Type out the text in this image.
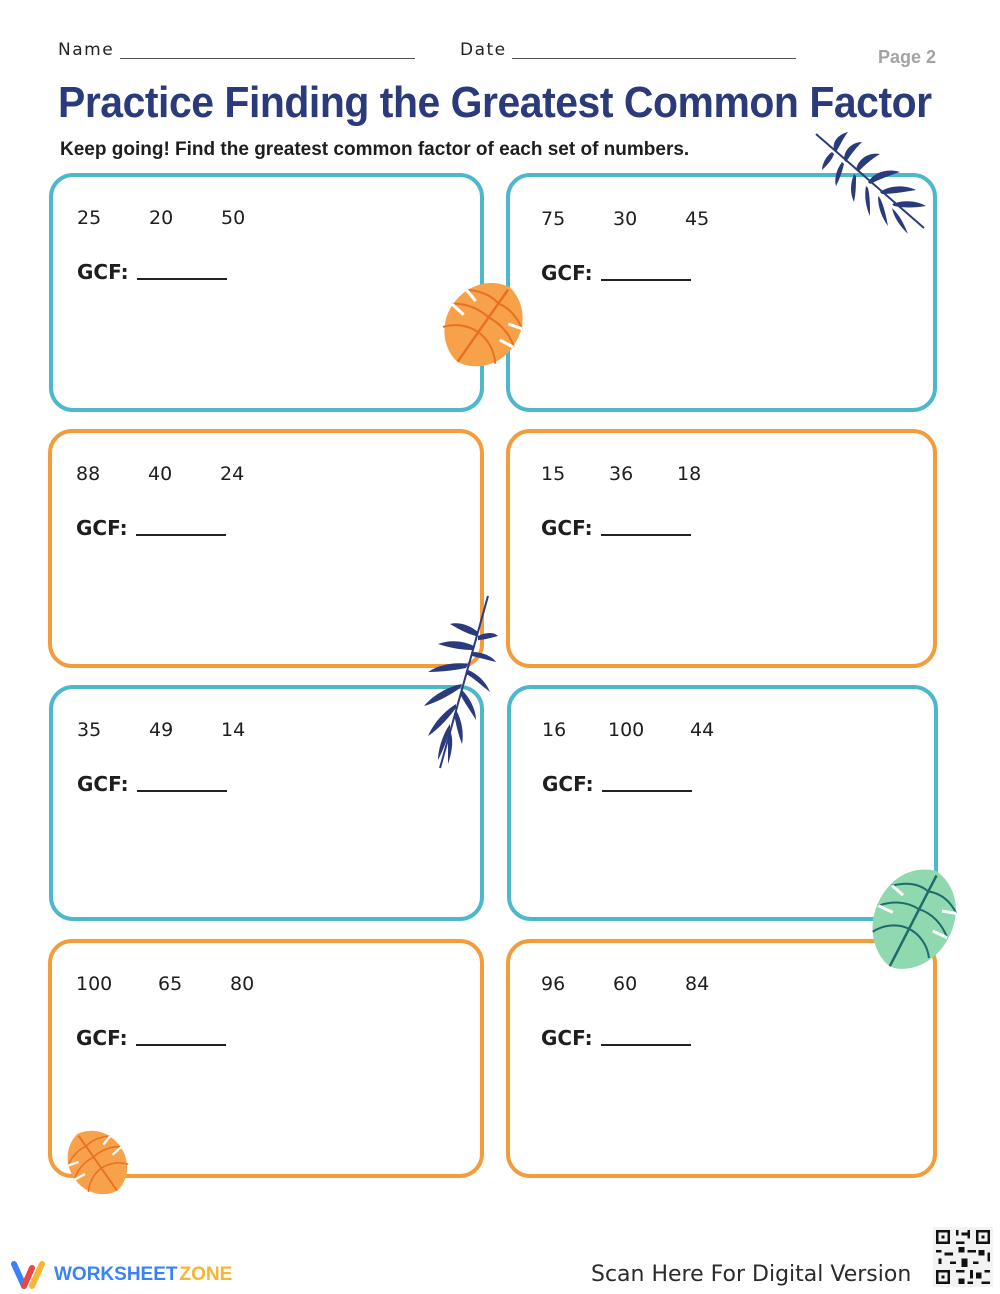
Name	Date	Page 2
Practice Finding the Greatest Common Factor
Keep going! Find the greatest common factor of each set of numbers.
25	20	50
GCF:
75	30	45
GCF:
88	40	24
GCF:
15	36	18
GCF:
35	49	14
GCF:
16	100	44
GCF:
100	65	80
GCF:
96	60	84
GCF:
WORKSHEET ZONE	Scan Here For Digital Version
